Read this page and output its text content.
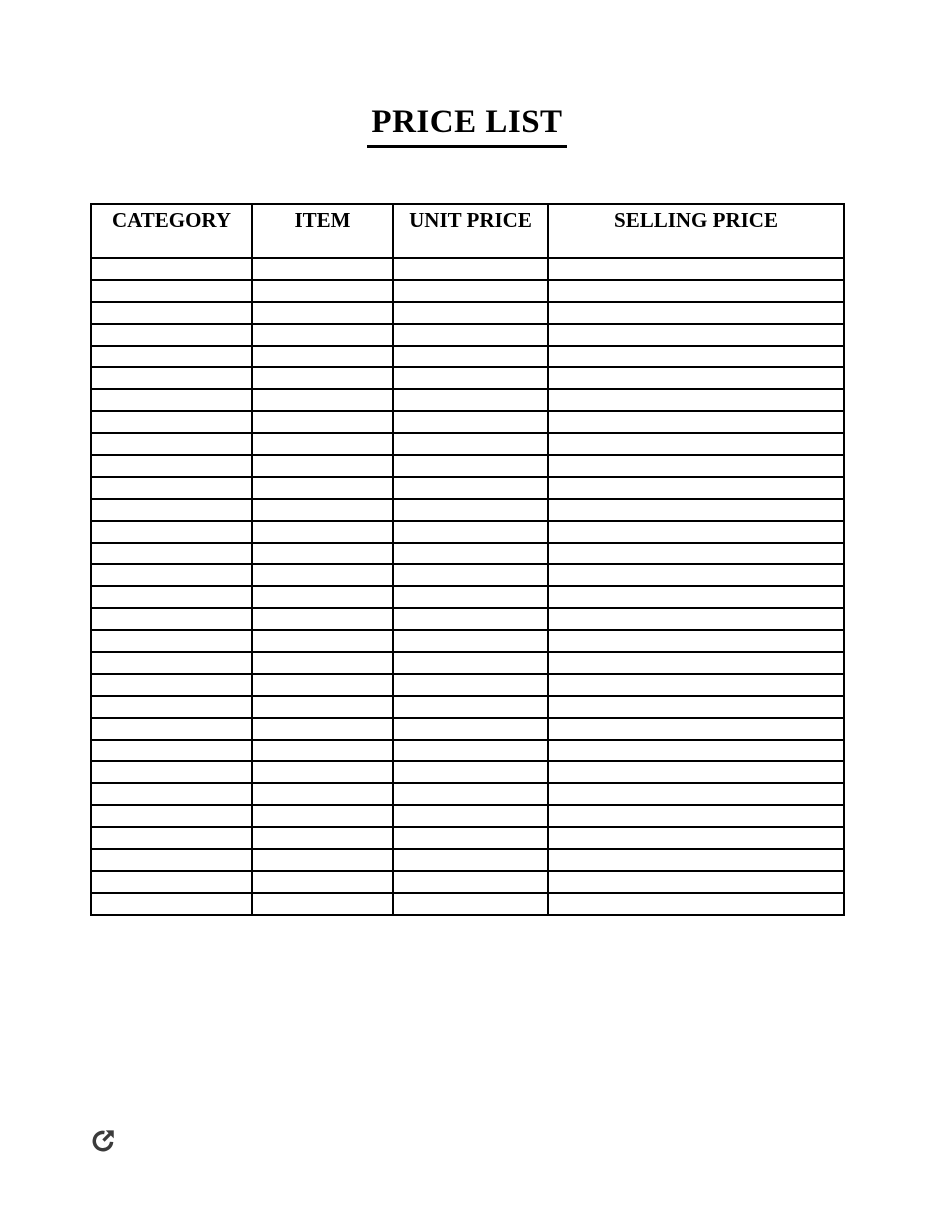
PRICE LIST
CATEGORY	ITEM	UNIT PRICE	SELLING PRICE
